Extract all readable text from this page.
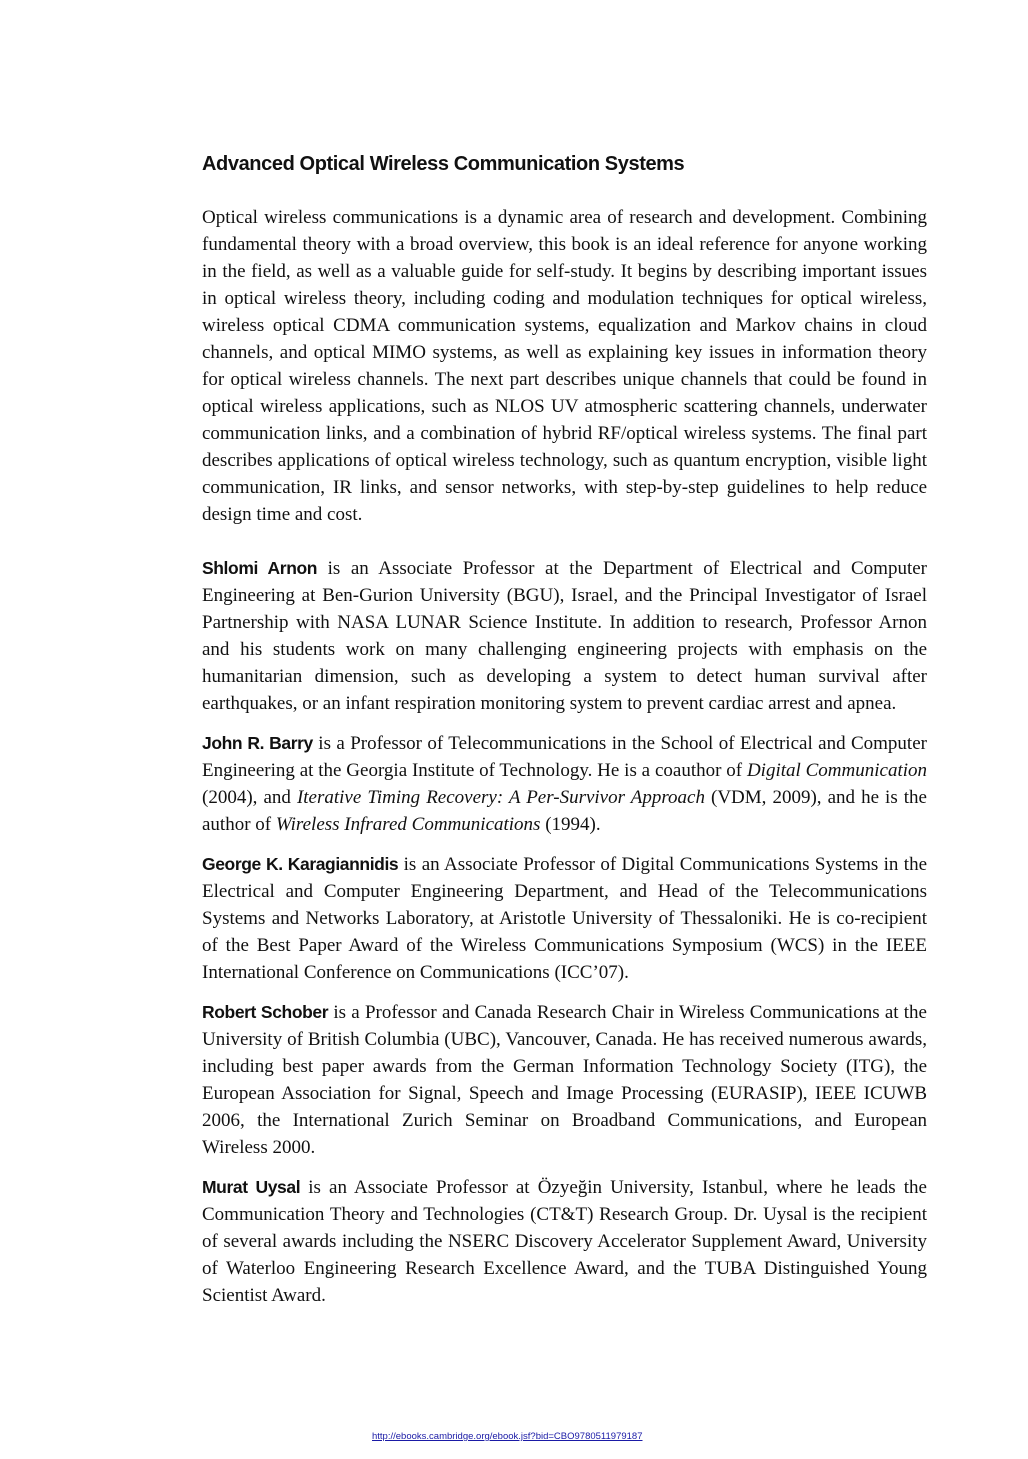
Advanced Optical Wireless Communication Systems

Optical wireless communications is a dynamic area of research and development. Combining fundamental theory with a broad overview, this book is an ideal reference for anyone working in the field, as well as a valuable guide for self-study. It begins by describing important issues in optical wireless theory, including coding and modulation techniques for optical wireless, wireless optical CDMA communication systems, equalization and Markov chains in cloud channels, and optical MIMO systems, as well as explaining key issues in information theory for optical wireless channels. The next part describes unique channels that could be found in optical wireless applications, such as NLOS UV atmospheric scattering channels, underwater communication links, and a combination of hybrid RF/optical wireless systems. The final part describes applications of optical wireless technology, such as quantum encryption, visible light communication, IR links, and sensor networks, with step-by-step guidelines to help reduce design time and cost.

Shlomi Arnon is an Associate Professor at the Department of Electrical and Computer Engineering at Ben-Gurion University (BGU), Israel, and the Principal Investigator of Israel Partnership with NASA LUNAR Science Institute. In addition to research, Professor Arnon and his students work on many challenging engineering projects with emphasis on the humanitarian dimension, such as developing a system to detect human survival after earthquakes, or an infant respiration monitoring system to prevent cardiac arrest and apnea.

John R. Barry is a Professor of Telecommunications in the School of Electrical and Computer Engineering at the Georgia Institute of Technology. He is a coauthor of Digital Communication (2004), and Iterative Timing Recovery: A Per-Survivor Approach (VDM, 2009), and he is the author of Wireless Infrared Communications (1994).

George K. Karagiannidis is an Associate Professor of Digital Communications Systems in the Electrical and Computer Engineering Department, and Head of the Telecommunications Systems and Networks Laboratory, at Aristotle University of Thessaloniki. He is co-recipient of the Best Paper Award of the Wireless Communications Symposium (WCS) in the IEEE International Conference on Communications (ICC’07).

Robert Schober is a Professor and Canada Research Chair in Wireless Communications at the University of British Columbia (UBC), Vancouver, Canada. He has received numerous awards, including best paper awards from the German Information Technology Society (ITG), the European Association for Signal, Speech and Image Processing (EURASIP), IEEE ICUWB 2006, the International Zurich Seminar on Broadband Communications, and European Wireless 2000.

Murat Uysal is an Associate Professor at Özyeğin University, Istanbul, where he leads the Communication Theory and Technologies (CT&T) Research Group. Dr. Uysal is the recipient of several awards including the NSERC Discovery Accelerator Supplement Award, University of Waterloo Engineering Research Excellence Award, and the TUBA Distinguished Young Scientist Award.

http://ebooks.cambridge.org/ebook.jsf?bid=CBO9780511979187
